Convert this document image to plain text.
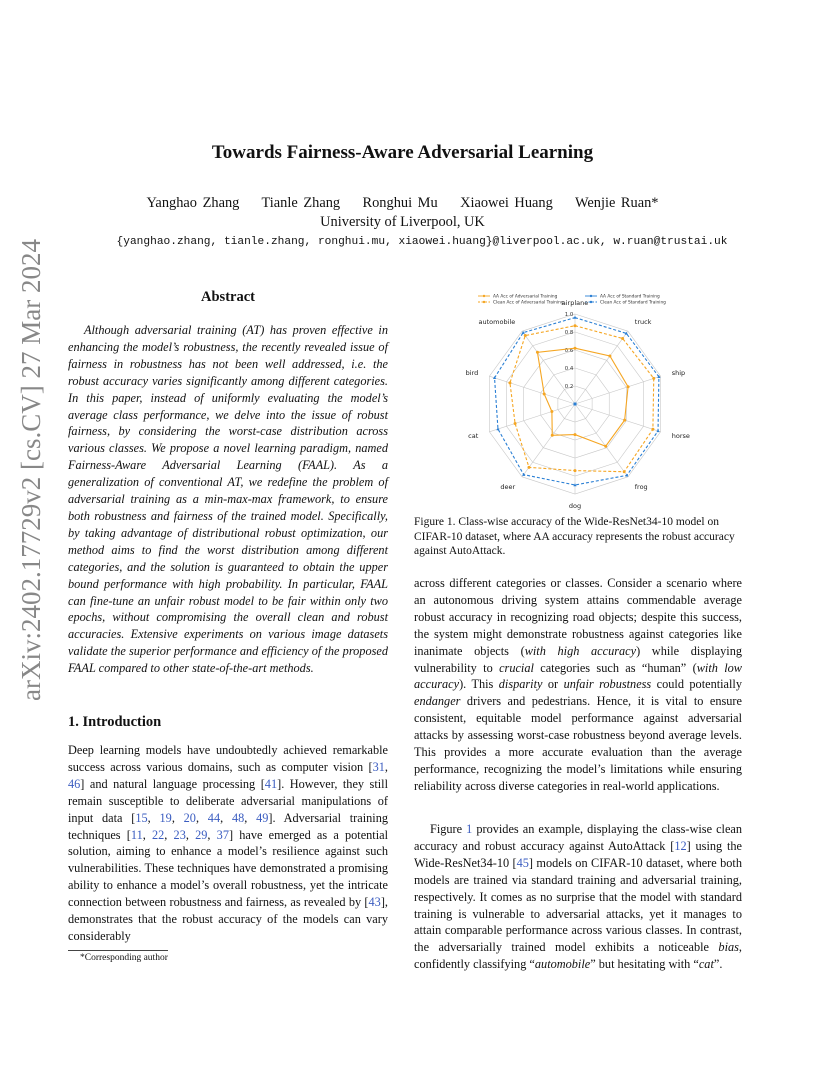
arXiv:2402.17729v2 [cs.CV] 27 Mar 2024
Towards Fairness-Aware Adversarial Learning
Yanghao Zhang Tianle Zhang Ronghui Mu Xiaowei Huang Wenjie Ruan*
University of Liverpool, UK
{yanghao.zhang, tianle.zhang, ronghui.mu, xiaowei.huang}@liverpool.ac.uk, w.ruan@trustai.uk
Abstract
Although adversarial training (AT) has proven effective in enhancing the model’s robustness, the recently revealed issue of fairness in robustness has not been well addressed, i.e. the robust accuracy varies significantly among different categories. In this paper, instead of uniformly evaluating the model’s average class performance, we delve into the issue of robust fairness, by considering the worst-case distribution across various classes. We propose a novel learning paradigm, named Fairness-Aware Adversarial Learning (FAAL). As a generalization of conventional AT, we redefine the problem of adversarial training as a min-max-max framework, to ensure both robustness and fairness of the trained model. Specifically, by taking advantage of distributional robust optimization, our method aims to find the worst distribution among different categories, and the solution is guaranteed to obtain the upper bound performance with high probability. In particular, FAAL can fine-tune an unfair robust model to be fair within only two epochs, without compromising the overall clean and robust accuracies. Extensive experiments on various image datasets validate the superior performance and efficiency of the proposed FAAL compared to other state-of-the-art methods.
1. Introduction
Deep learning models have undoubtedly achieved remarkable success across various domains, such as computer vision [31, 46] and natural language processing [41]. However, they still remain susceptible to deliberate adversarial manipulations of input data [15, 19, 20, 44, 48, 49]. Adversarial training techniques [11, 22, 23, 29, 37] have emerged as a potential solution, aiming to enhance a model’s resilience against such vulnerabilities. These techniques have demonstrated a promising ability to enhance a model’s overall robustness, yet the intricate connection between robustness and fairness, as revealed by [43], demonstrates that the robust accuracy of the models can vary considerably
*Corresponding author
AA Acc of Adversarial Training	AA Acc of Standard Training
Clean Acc of Adversarial Training	Clean Acc of Standard Training
0.2
0.4
0.6
0.8
1.0
airplane
truck
ship
horse
frog
dog
deer
cat
bird
automobile
Figure 1. Class-wise accuracy of the Wide-ResNet34-10 model on CIFAR-10 dataset, where AA accuracy represents the robust accuracy against AutoAttack.
across different categories or classes. Consider a scenario where an autonomous driving system attains commendable average robust accuracy in recognizing road objects; despite this success, the system might demonstrate robustness against categories like inanimate objects (with high accuracy) while displaying vulnerability to crucial categories such as “human” (with low accuracy). This disparity or unfair robustness could potentially endanger drivers and pedestrians. Hence, it is vital to ensure consistent, equitable model performance against adversarial attacks by assessing worst-case robustness beyond average levels. This provides a more accurate evaluation than the average performance, recognizing the model’s limitations while ensuring reliability across diverse categories in real-world applications.
Figure 1 provides an example, displaying the class-wise clean accuracy and robust accuracy against AutoAttack [12] using the Wide-ResNet34-10 [45] models on CIFAR-10 dataset, where both models are trained via standard training and adversarial training, respectively. It comes as no surprise that the model with standard training is vulnerable to adversarial attacks, yet it manages to attain comparable performance across various classes. In contrast, the adversarially trained model exhibits a noticeable bias, confidently classifying “automobile” but hesitating with “cat”.
